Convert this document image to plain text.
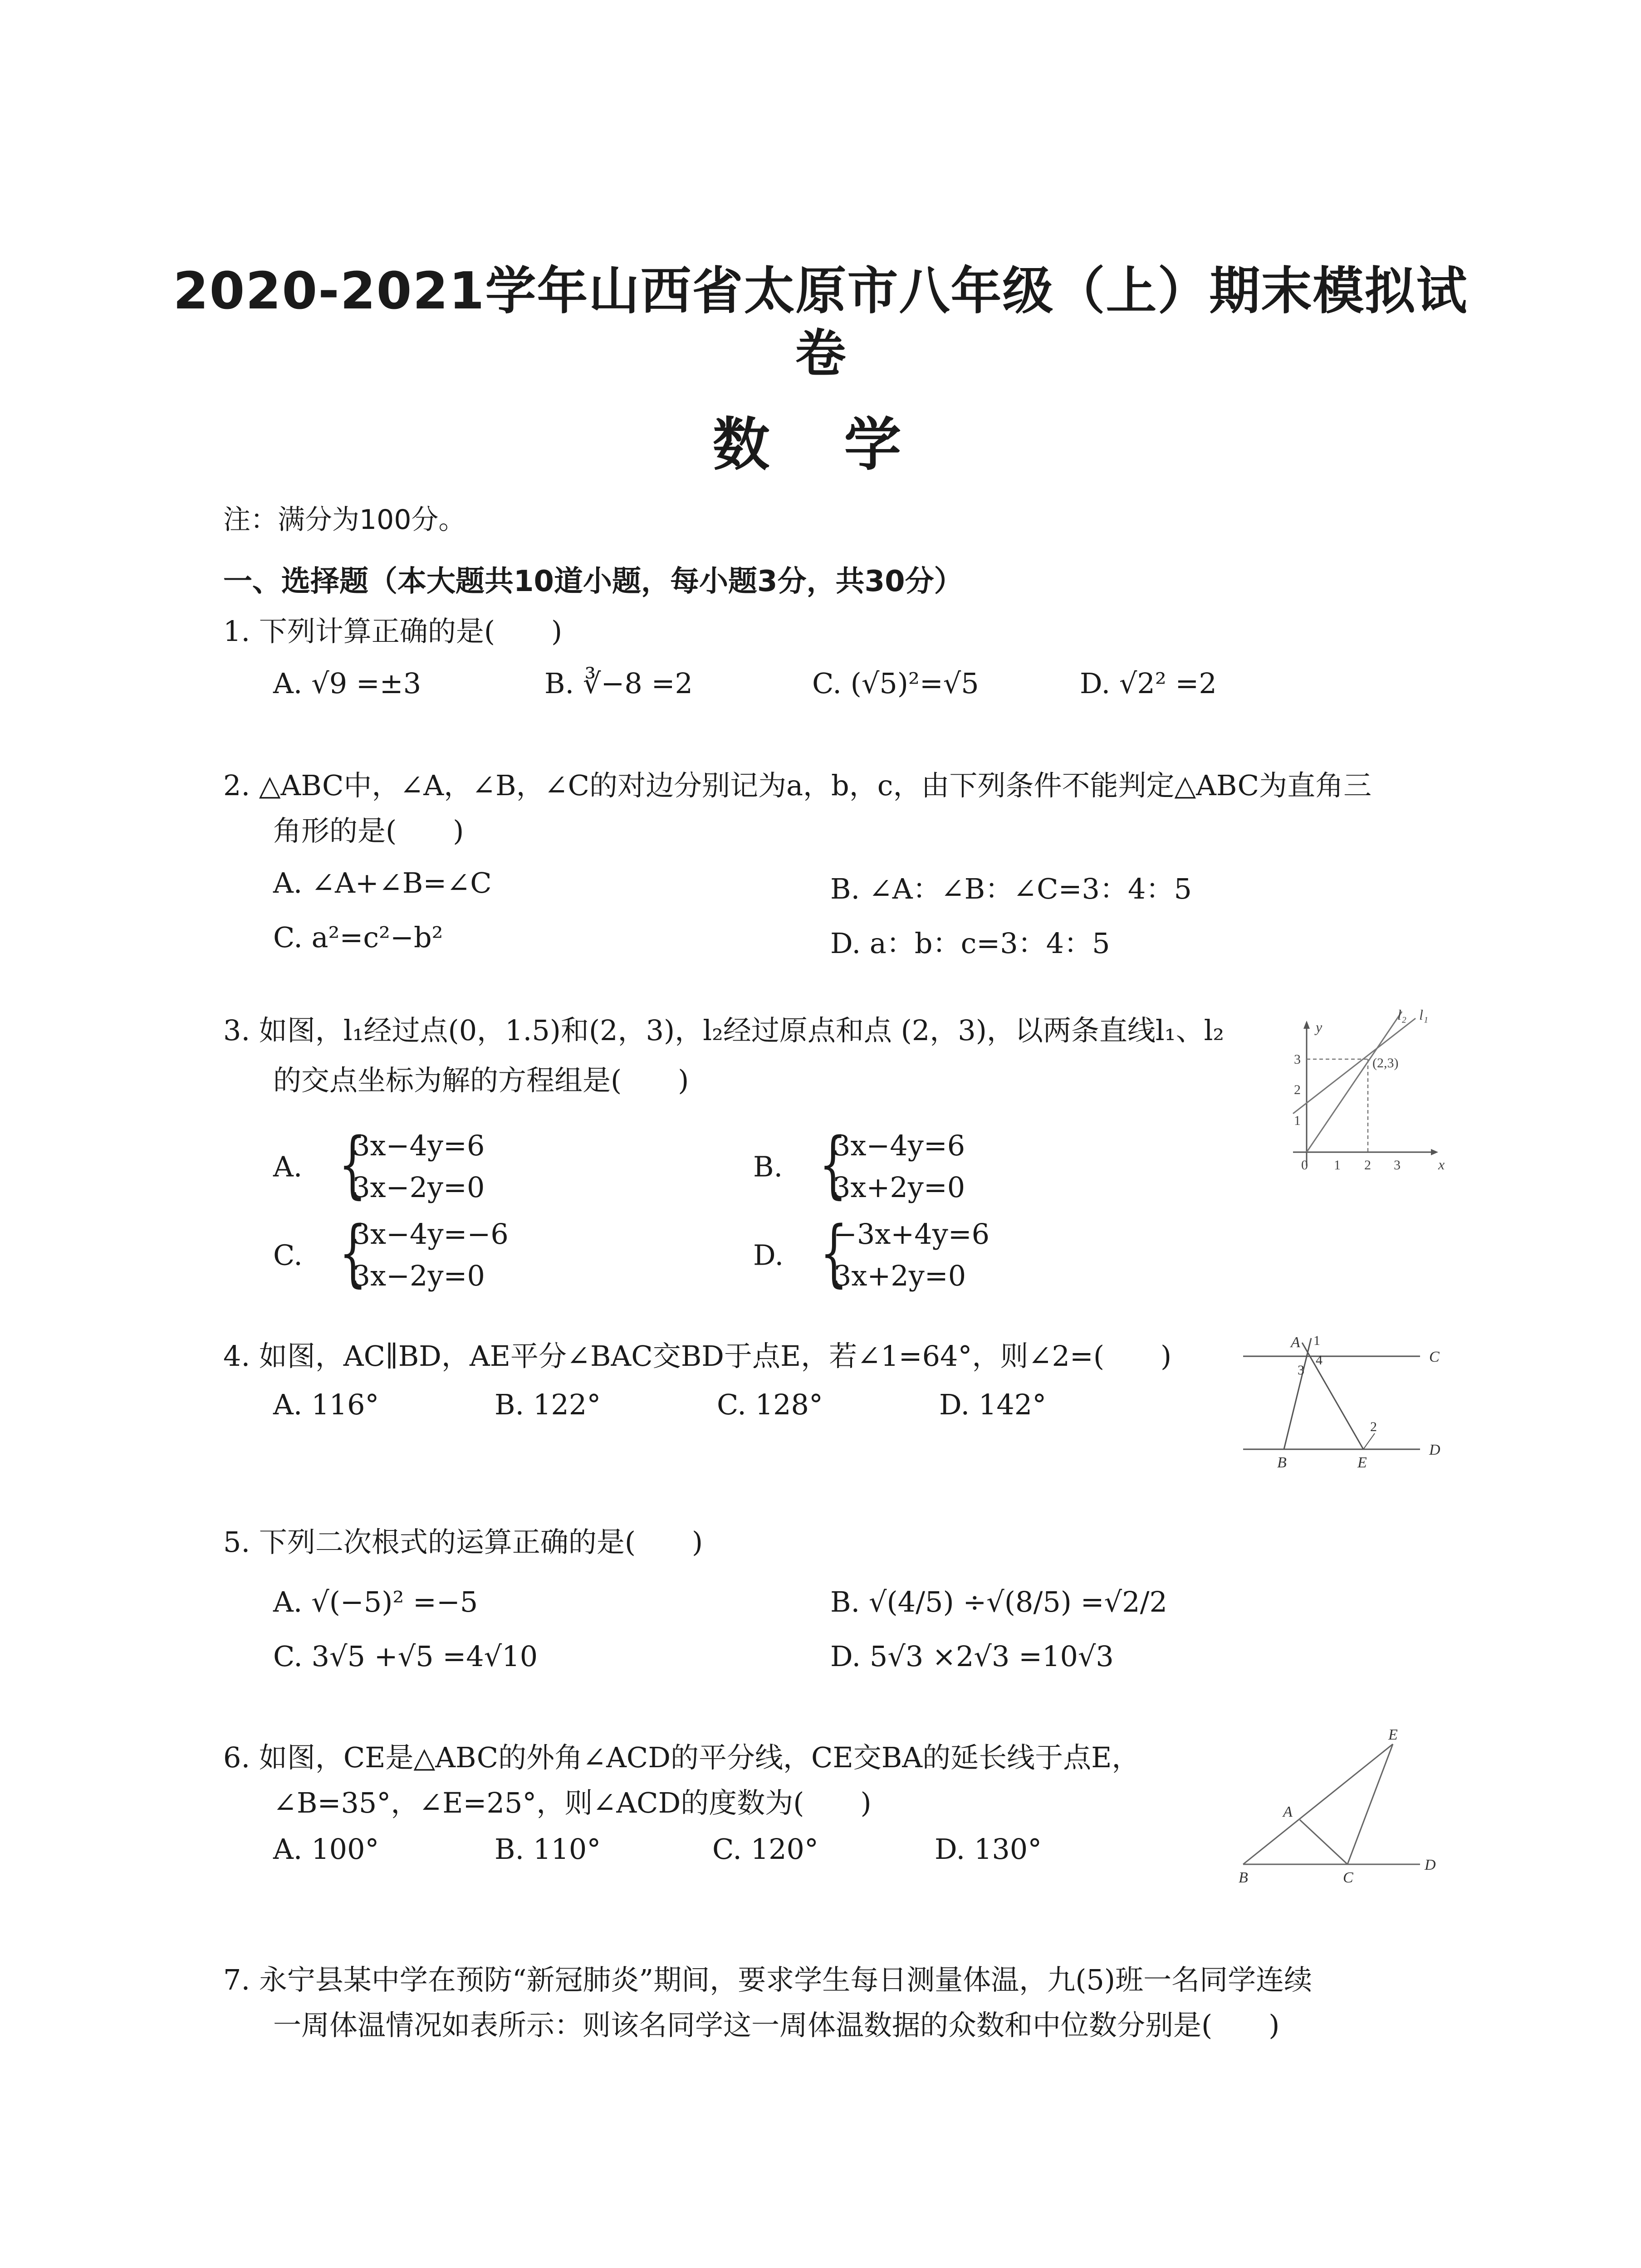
2020-2021学年山西省太原市八年级（上）期末模拟试
卷
数 学
注：满分为100分。
一、选择题（本大题共10道小题，每小题3分，共30分）
1. 下列计算正确的是(　　)
A. √9 =±3	B. ∛−8 =2	C. (√5)²=√5	D. √2² =2
2. △ABC中，∠A，∠B，∠C的对边分别记为a，b，c，由下列条件不能判定△ABC为直角三
角形的是(　　)
A. ∠A+∠B=∠C	B. ∠A：∠B：∠C=3：4：5
C. a²=c²−b²	D. a：b：c=3：4：5
3. 如图，l₁经过点(0，1.5)和(2，3)，l₂经过原点和点 (2，3)，以两条直线l₁、l₂
的交点坐标为解的方程组是(　　)
A. {
3x−4y=6
3x−2y=0
B. {
3x−4y=6
3x+2y=0
C. {
3x−4y=−6
3x−2y=0
D. {
−3x+4y=6
3x+2y=0
y
x
l₂ l₁
(2,3)
0 1 2 3
1
2
3
4. 如图，AC∥BD，AE平分∠BAC交BD于点E，若∠1=64°，则∠2=(　　)
A. 116°	B. 122°	C. 128°	D. 142°
A 1
4
3
C
2
B	E
D
5. 下列二次根式的运算正确的是(　　)
A. √(−5)² =−5	B. √(4/5) ÷√(8/5) =√2/2
C. 3√5 +√5 =4√10	D. 5√3 ×2√3 =10√3
6. 如图，CE是△ABC的外角∠ACD的平分线，CE交BA的延长线于点E，
∠B=35°，∠E=25°，则∠ACD的度数为(　　)
A. 100°	B. 110°	C. 120°	D. 130°
E
A
B	C
D
7. 永宁县某中学在预防“新冠肺炎”期间，要求学生每日测量体温，九(5)班一名同学连续
一周体温情况如表所示：则该名同学这一周体温数据的众数和中位数分别是(　　)
